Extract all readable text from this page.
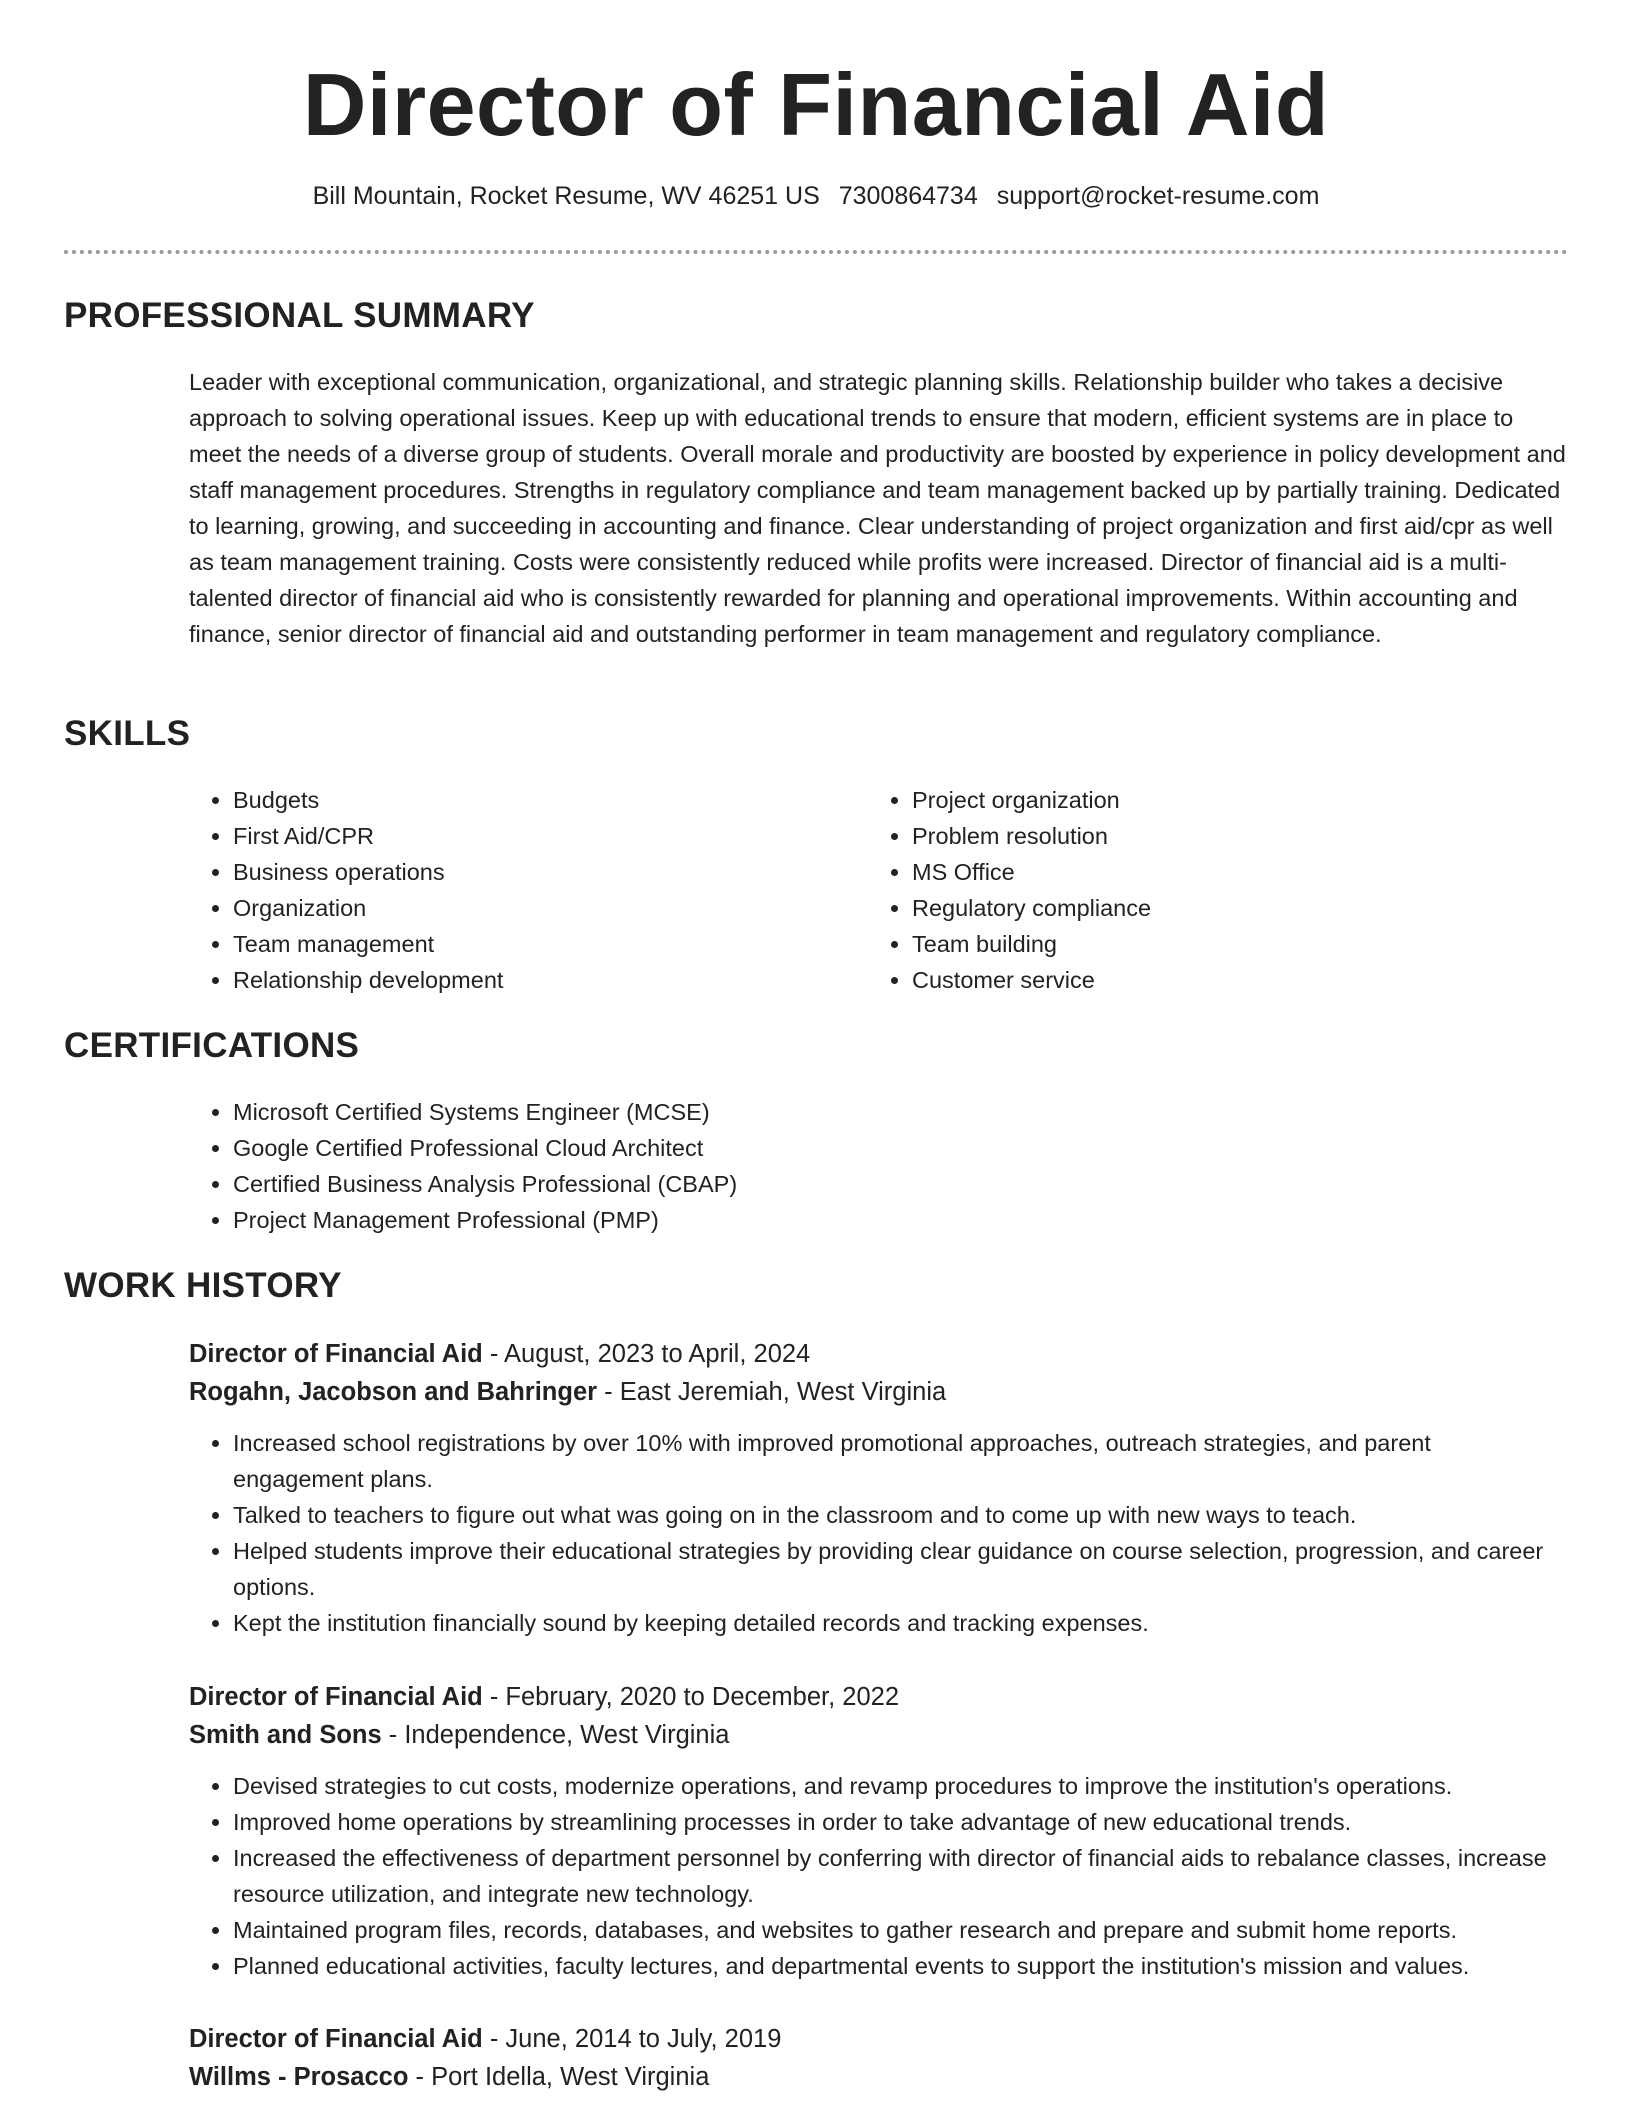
Director of Financial Aid
Bill Mountain, Rocket Resume, WV 46251 US 7300864734 support@rocket-resume.com
PROFESSIONAL SUMMARY

Leader with exceptional communication, organizational, and strategic planning skills. Relationship builder who takes a decisive approach to solving operational issues. Keep up with educational trends to ensure that modern, efficient systems are in place to meet the needs of a diverse group of students. Overall morale and productivity are boosted by experience in policy development and staff management procedures. Strengths in regulatory compliance and team management backed up by partially training. Dedicated to learning, growing, and succeeding in accounting and finance. Clear understanding of project organization and first aid/cpr as well as team management training. Costs were consistently reduced while profits were increased. Director of financial aid is a multi-talented director of financial aid who is consistently rewarded for planning and operational improvements. Within accounting and finance, senior director of financial aid and outstanding performer in team management and regulatory compliance.

SKILLS
• Budgets
• First Aid/CPR
• Business operations
• Organization
• Team management
• Relationship development
• Project organization
• Problem resolution
• MS Office
• Regulatory compliance
• Team building
• Customer service
CERTIFICATIONS
• Microsoft Certified Systems Engineer (MCSE)
• Google Certified Professional Cloud Architect
• Certified Business Analysis Professional (CBAP)
• Project Management Professional (PMP)
WORK HISTORY
Director of Financial Aid - August, 2023 to April, 2024
Rogahn, Jacobson and Bahringer - East Jeremiah, West Virginia
• Increased school registrations by over 10% with improved promotional approaches, outreach strategies, and parent engagement plans.
• Talked to teachers to figure out what was going on in the classroom and to come up with new ways to teach.
• Helped students improve their educational strategies by providing clear guidance on course selection, progression, and career options.
• Kept the institution financially sound by keeping detailed records and tracking expenses.
Director of Financial Aid - February, 2020 to December, 2022
Smith and Sons - Independence, West Virginia
• Devised strategies to cut costs, modernize operations, and revamp procedures to improve the institution's operations.
• Improved home operations by streamlining processes in order to take advantage of new educational trends.
• Increased the effectiveness of department personnel by conferring with director of financial aids to rebalance classes, increase resource utilization, and integrate new technology.
• Maintained program files, records, databases, and websites to gather research and prepare and submit home reports.
• Planned educational activities, faculty lectures, and departmental events to support the institution's mission and values.
Director of Financial Aid - June, 2014 to July, 2019
Willms - Prosacco - Port Idella, West Virginia
